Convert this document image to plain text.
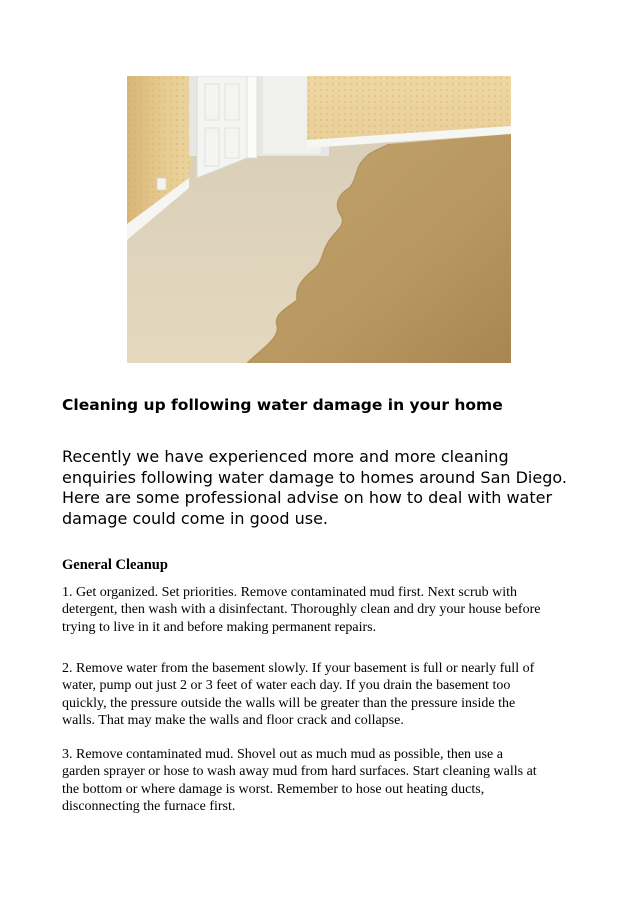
Cleaning up following water damage in your home
Recently we have experienced more and more cleaning
enquiries following water damage to homes around San Diego.
Here are some professional advise on how to deal with water
damage could come in good use.
General Cleanup
1. Get organized. Set priorities. Remove contaminated mud first. Next scrub with
detergent, then wash with a disinfectant. Thoroughly clean and dry your house before
trying to live in it and before making permanent repairs.
2. Remove water from the basement slowly. If your basement is full or nearly full of
water, pump out just 2 or 3 feet of water each day. If you drain the basement too
quickly, the pressure outside the walls will be greater than the pressure inside the
walls. That may make the walls and floor crack and collapse.
3. Remove contaminated mud. Shovel out as much mud as possible, then use a
garden sprayer or hose to wash away mud from hard surfaces. Start cleaning walls at
the bottom or where damage is worst. Remember to hose out heating ducts,
disconnecting the furnace first.
